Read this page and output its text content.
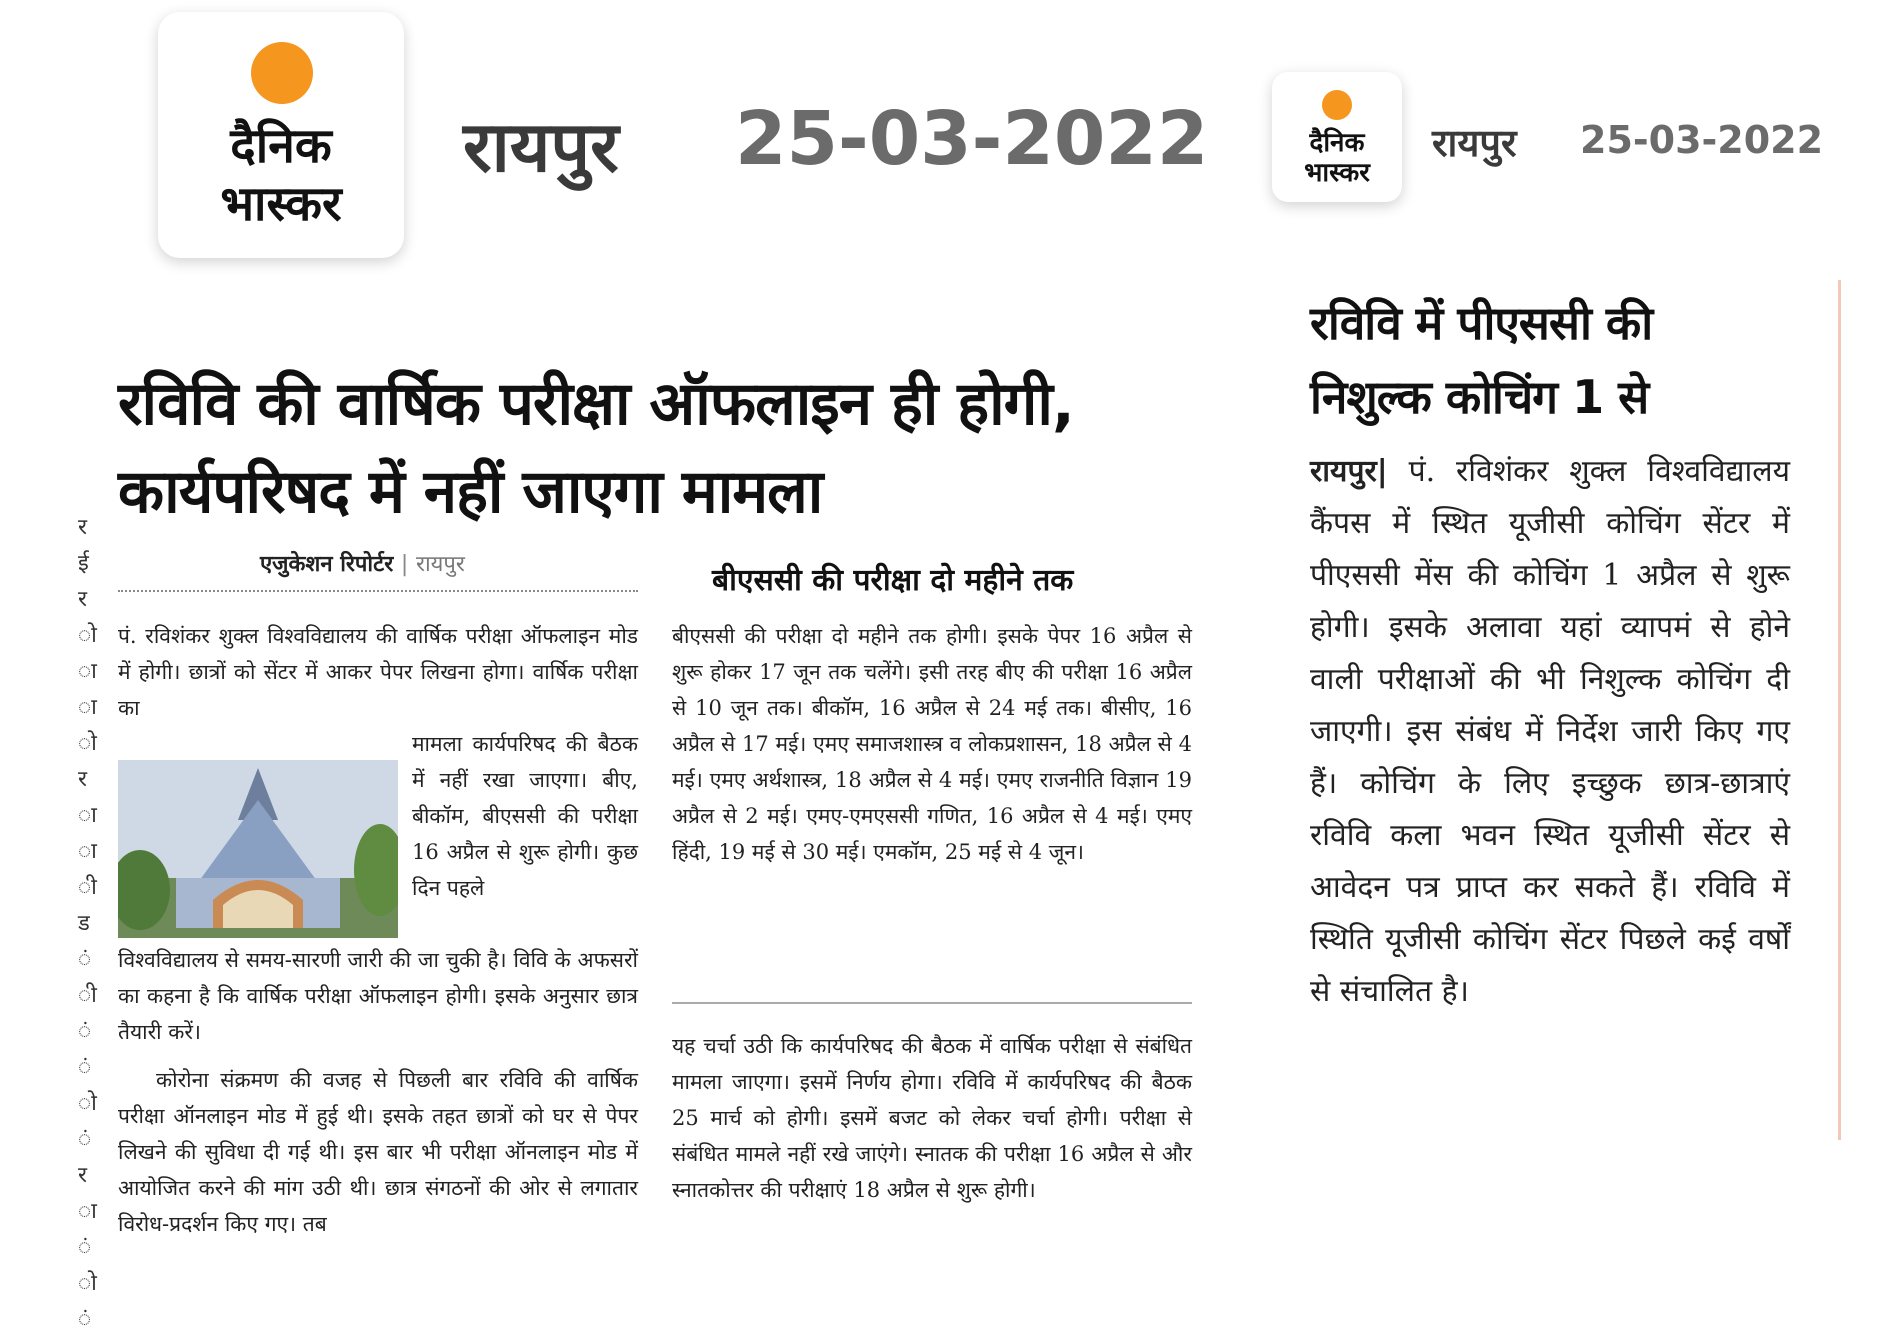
दैनिक
भास्कर
रायपुर 25-03-2022	दैनिक
भास्कर
रायपुर 25-03-2022
र
ई
र
ो
ा
ा
ो
र
ा
ा
ी
ड
ं
ी
ं
ं
ो
ं
र
ा
ं
ो
ं
रविवि की वार्षिक परीक्षा ऑफलाइन ही होगी, कार्यपरिषद में नहीं जाएगा मामला
एजुकेशन रिपोर्टर | रायपुर
पं. रविशंकर शुक्ल विश्वविद्यालय की वार्षिक परीक्षा ऑफलाइन मोड में होगी। छात्रों को सेंटर में आकर पेपर लिखना होगा। वार्षिक परीक्षा का
मामला कार्यपरिषद की बैठक में नहीं रखा जाएगा। बीए, बीकॉम, बीएससी की परीक्षा 16 अप्रैल से शुरू होगी। कुछ दिन पहले
विश्वविद्यालय से समय-सारणी जारी की जा चुकी है। विवि के अफसरों का कहना है कि वार्षिक परीक्षा ऑफलाइन होगी। इसके अनुसार छात्र तैयारी करें।
कोरोना संक्रमण की वजह से पिछली बार रविवि की वार्षिक परीक्षा ऑनलाइन मोड में हुई थी। इसके तहत छात्रों को घर से पेपर लिखने की सुविधा दी गई थी। इस बार भी परीक्षा ऑनलाइन मोड में आयोजित करने की मांग उठी थी। छात्र संगठनों की ओर से लगातार विरोध-प्रदर्शन किए गए। तब
बीएससी की परीक्षा दो महीने तक
बीएससी की परीक्षा दो महीने तक होगी। इसके पेपर 16 अप्रैल से शुरू होकर 17 जून तक चलेंगे। इसी तरह बीए की परीक्षा 16 अप्रैल से 10 जून तक। बीकॉम, 16 अप्रैल से 24 मई तक। बीसीए, 16 अप्रैल से 17 मई। एमए समाजशास्त्र व लोकप्रशासन, 18 अप्रैल से 4 मई। एमए अर्थशास्त्र, 18 अप्रैल से 4 मई। एमए राजनीति विज्ञान 19 अप्रैल से 2 मई। एमए-एमएससी गणित, 16 अप्रैल से 4 मई। एमए हिंदी, 19 मई से 30 मई। एमकॉम, 25 मई से 4 जून।
यह चर्चा उठी कि कार्यपरिषद की बैठक में वार्षिक परीक्षा से संबंधित मामला जाएगा। इसमें निर्णय होगा। रविवि में कार्यपरिषद की बैठक 25 मार्च को होगी। इसमें बजट को लेकर चर्चा होगी। परीक्षा से संबंधित मामले नहीं रखे जाएंगे। स्नातक की परीक्षा 16 अप्रैल से और स्नातकोत्तर की परीक्षाएं 18 अप्रैल से शुरू होगी।
रविवि में पीएससी की निशुल्क कोचिंग 1 से
रायपुर| पं. रविशंकर शुक्ल विश्वविद्यालय कैंपस में स्थित यूजीसी कोचिंग सेंटर में पीएससी मेंस की कोचिंग 1 अप्रैल से शुरू होगी। इसके अलावा यहां व्यापमं से होने वाली परीक्षाओं की भी निशुल्क कोचिंग दी जाएगी। इस संबंध में निर्देश जारी किए गए हैं। कोचिंग के लिए इच्छुक छात्र-छात्राएं रविवि कला भवन स्थित यूजीसी सेंटर से आवेदन पत्र प्राप्त कर सकते हैं। रविवि में स्थिति यूजीसी कोचिंग सेंटर पिछले कई वर्षों से संचालित है।
